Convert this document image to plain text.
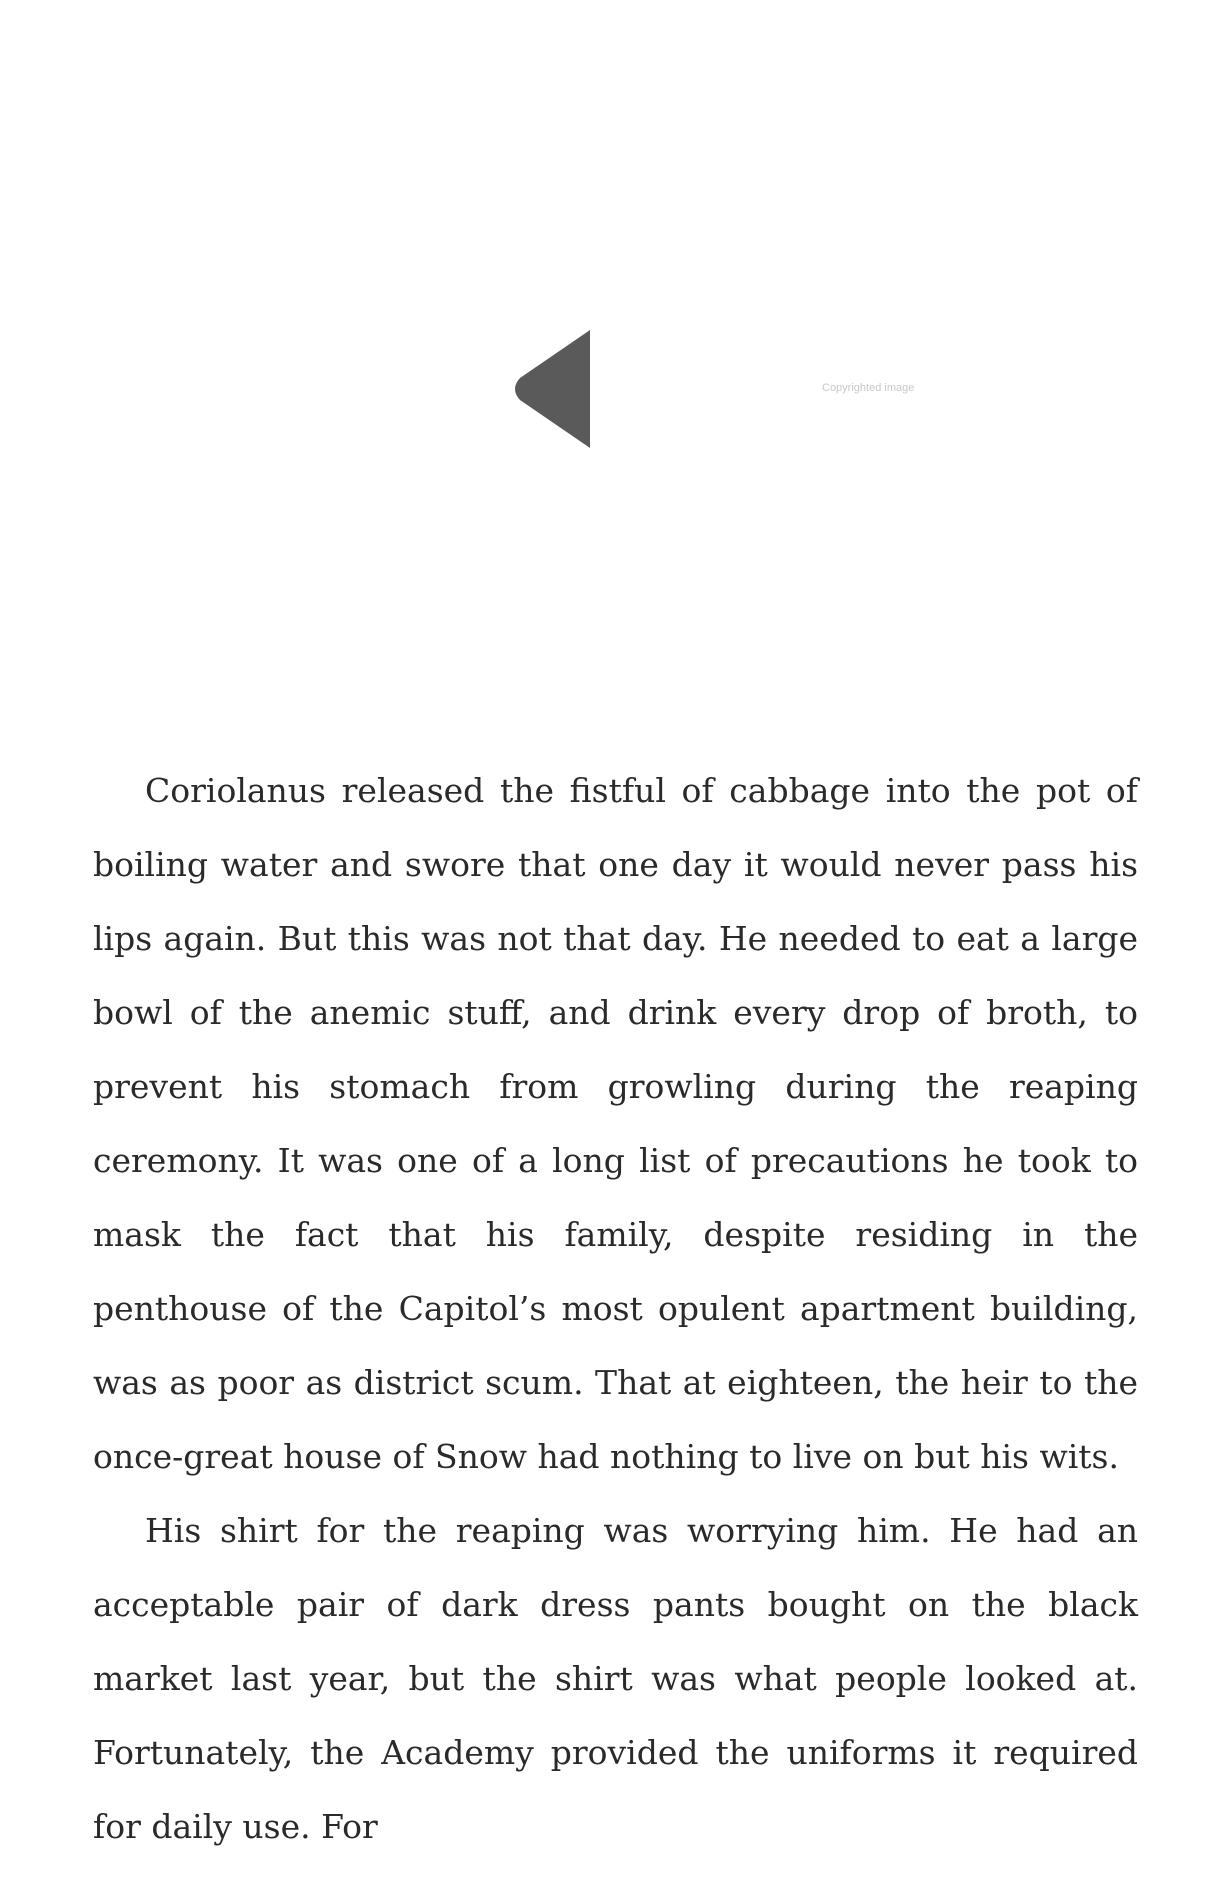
Copyrighted image

Coriolanus released the fistful of cabbage into the pot of boiling water and swore that one day it would never pass his lips again. But this was not that day. He needed to eat a large bowl of the anemic stuff, and drink every drop of broth, to prevent his stomach from growling during the reaping ceremony. It was one of a long list of precautions he took to mask the fact that his family, despite residing in the penthouse of the Capitol’s most opulent apartment building, was as poor as district scum. That at eighteen, the heir to the once-great house of Snow had nothing to live on but his wits.

His shirt for the reaping was worrying him. He had an acceptable pair of dark dress pants bought on the black market last year, but the shirt was what people looked at. Fortunately, the Academy provided the uniforms it required for daily use. For
